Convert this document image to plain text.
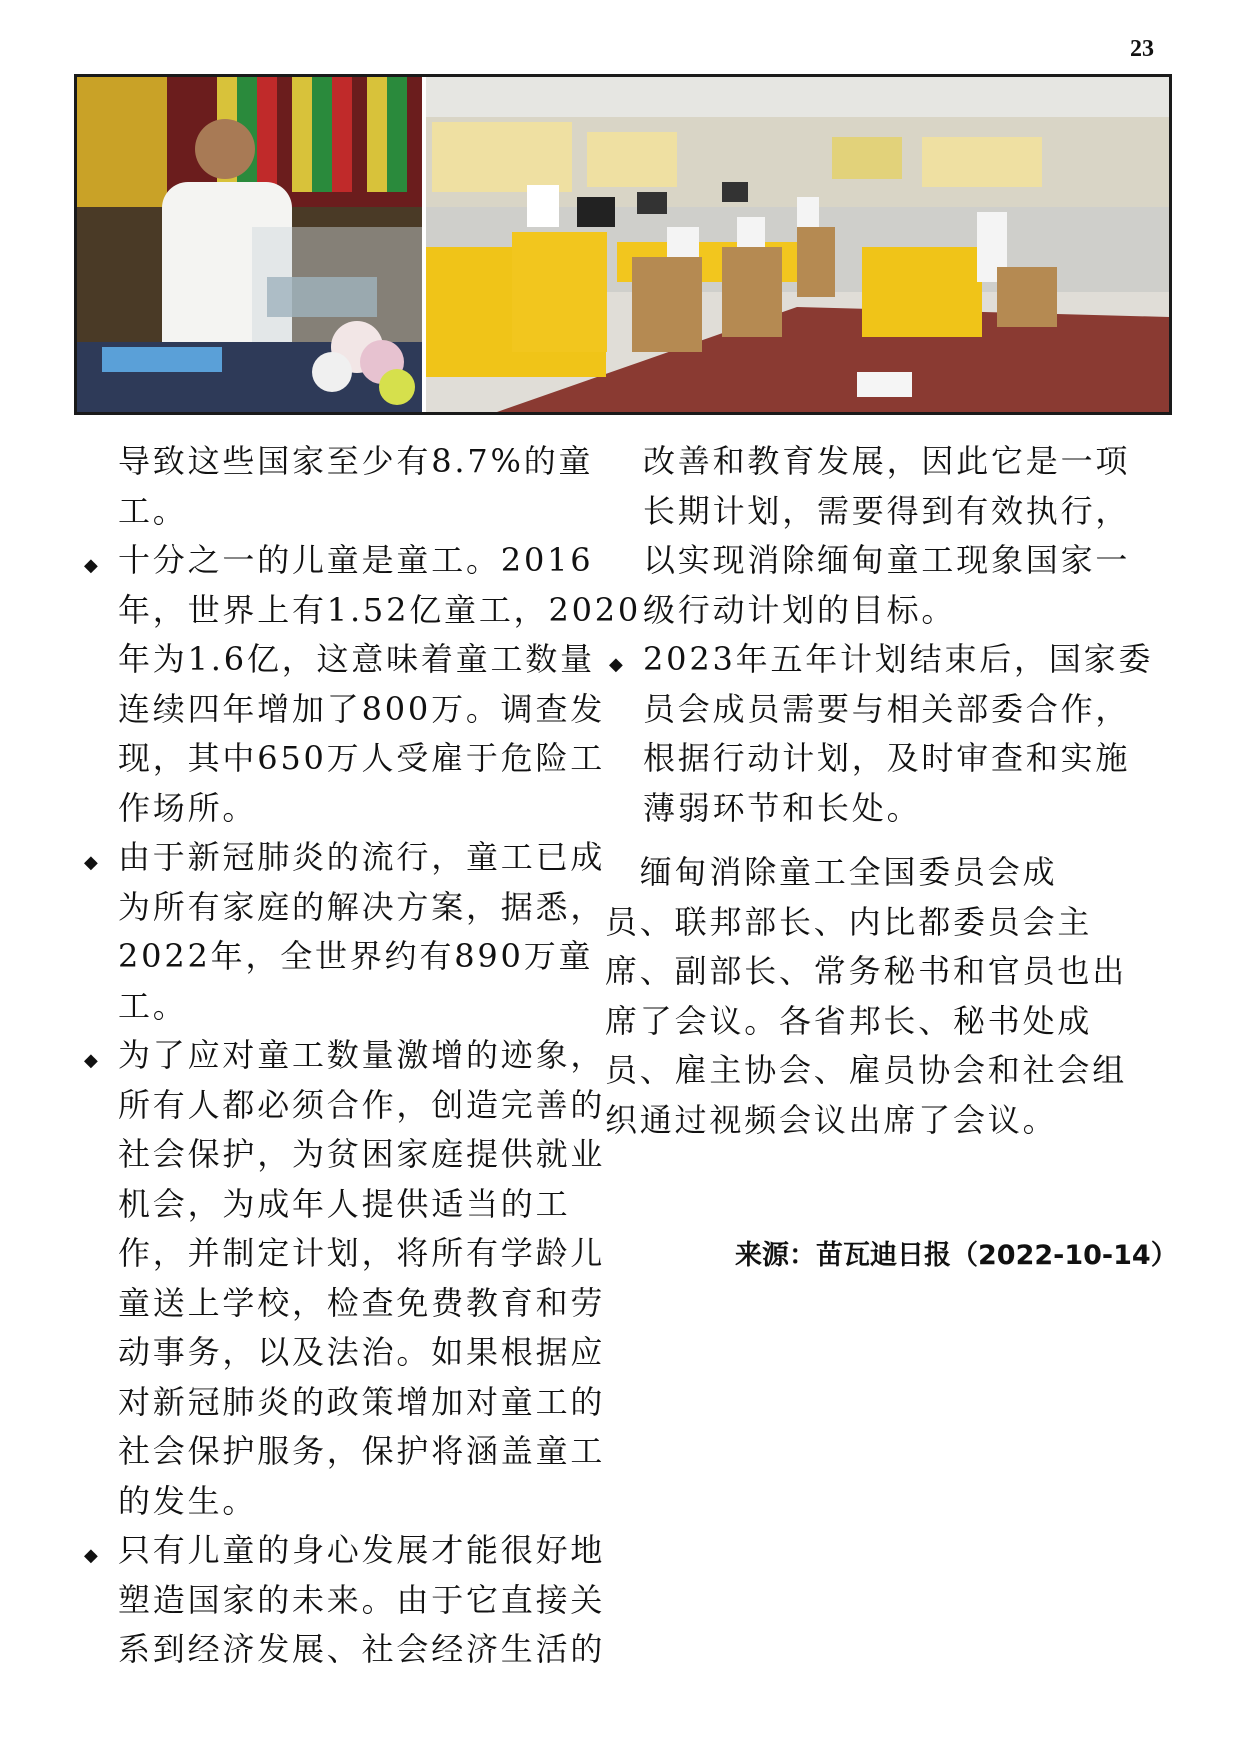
23
导致这些国家至少有8.7%的童
工。
◆ 十分之一的儿童是童工。2016
年，世界上有1.52亿童工，2020
年为1.6亿，这意味着童工数量
连续四年增加了800万。调查发
现，其中650万人受雇于危险工
作场所。
◆ 由于新冠肺炎的流行，童工已成
为所有家庭的解决方案，据悉，
2022年，全世界约有890万童
工。
◆ 为了应对童工数量激增的迹象，
所有人都必须合作，创造完善的
社会保护，为贫困家庭提供就业
机会，为成年人提供适当的工
作，并制定计划，将所有学龄儿
童送上学校，检查免费教育和劳
动事务，以及法治。如果根据应
对新冠肺炎的政策增加对童工的
社会保护服务，保护将涵盖童工
的发生。
◆ 只有儿童的身心发展才能很好地
塑造国家的未来。由于它直接关
系到经济发展、社会经济生活的
改善和教育发展，因此它是一项
长期计划，需要得到有效执行，
以实现消除缅甸童工现象国家一
级行动计划的目标。
◆ 2023年五年计划结束后，国家委
员会成员需要与相关部委合作，
根据行动计划，及时审查和实施
薄弱环节和长处。
　缅甸消除童工全国委员会成
员、联邦部长、内比都委员会主
席、副部长、常务秘书和官员也出
席了会议。各省邦长、秘书处成
员、雇主协会、雇员协会和社会组
织通过视频会议出席了会议。
来源：苗瓦迪日报（2022-10-14）
